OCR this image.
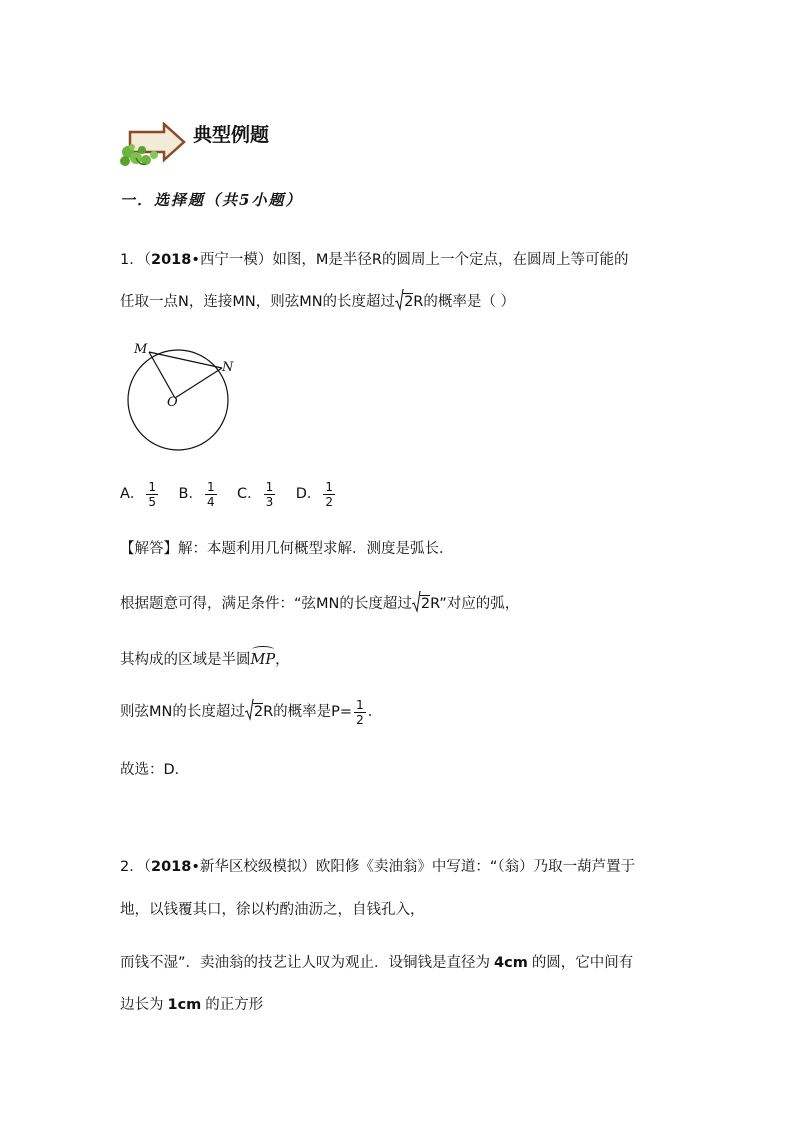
典型例题
一．选择题（共5小题）
1．（2018•西宁一模）如图，M是半径R的圆周上一个定点，在圆周上等可能的
任取一点N，连接MN，则弦MN的长度超过 2R的概率是（ ）
M
N
O
A． $\frac{1}{5}$ B． $\frac{1}{4}$ C． $\frac{1}{3}$ D． $\frac{1}{2}$
【解答】解：本题利用几何概型求解．测度是弧长．
根据题意可得，满足条件：“弦MN的长度超过 2R”对应的弧，
其构成的区域是半圆MP，
则弦MN的长度超过 2R的概率是$P= \frac{1}{2}$ ．
故选：D．
2．（2018•新华区校级模拟）欧阳修《卖油翁》中写道：“（翁）乃取一葫芦置于
地，以钱覆其口，徐以杓酌油沥之，自钱孔入，
而钱不湿”．卖油翁的技艺让人叹为观止．设铜钱是直径为 4cm 的圆，它中间有
边长为 1cm 的正方形
